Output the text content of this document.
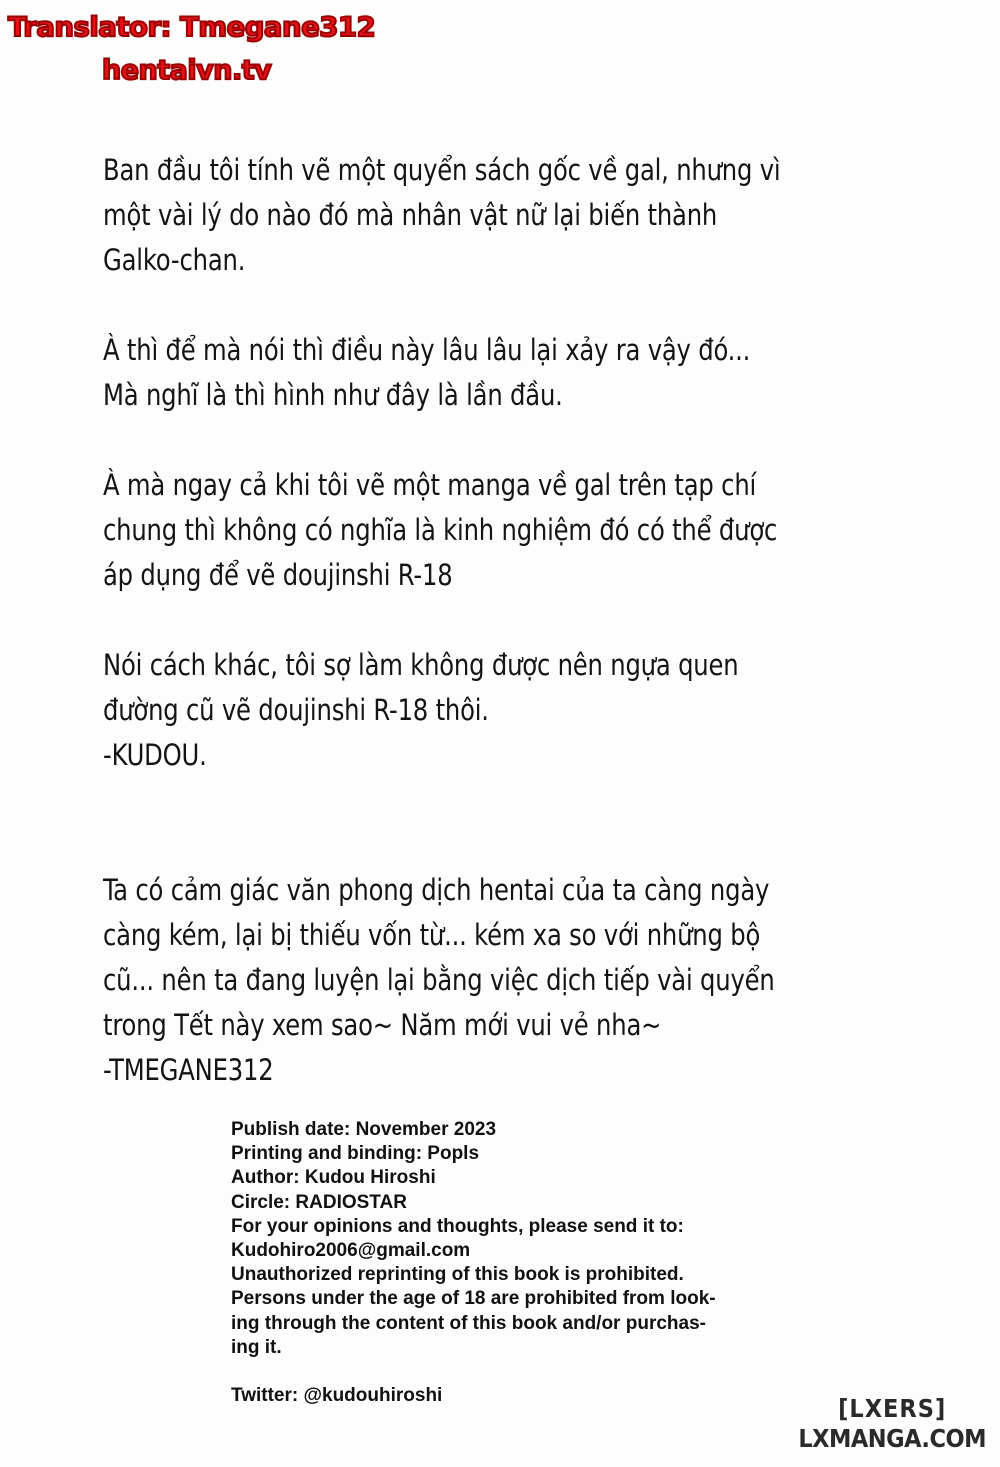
Translator: Tmegane312
hentaivn.tv
Ban đầu tôi tính vẽ một quyển sách gốc về gal, nhưng vì
một vài lý do nào đó mà nhân vật nữ lại biến thành
Galko-chan.
À thì để mà nói thì điều này lâu lâu lại xảy ra vậy đó...
Mà nghĩ là thì hình như đây là lần đầu.
À mà ngay cả khi tôi vẽ một manga về gal trên tạp chí
chung thì không có nghĩa là kinh nghiệm đó có thể được
áp dụng để vẽ doujinshi R-18
Nói cách khác, tôi sợ làm không được nên ngựa quen
đường cũ vẽ doujinshi R-18 thôi.
-KUDOU.
Ta có cảm giác văn phong dịch hentai của ta càng ngày
càng kém, lại bị thiếu vốn từ... kém xa so với những bộ
cũ... nên ta đang luyện lại bằng việc dịch tiếp vài quyển
trong Tết này xem sao~ Năm mới vui vẻ nha~
-TMEGANE312
Publish date: November 2023
Printing and binding: Popls
Author: Kudou Hiroshi
Circle: RADIOSTAR
For your opinions and thoughts, please send it to:
Kudohiro2006@gmail.com
Unauthorized reprinting of this book is prohibited.
Persons under the age of 18 are prohibited from look-
ing through the content of this book and/or purchas-
ing it.
Twitter: @kudouhiroshi	[LXERS]
LXMANGA.COM
